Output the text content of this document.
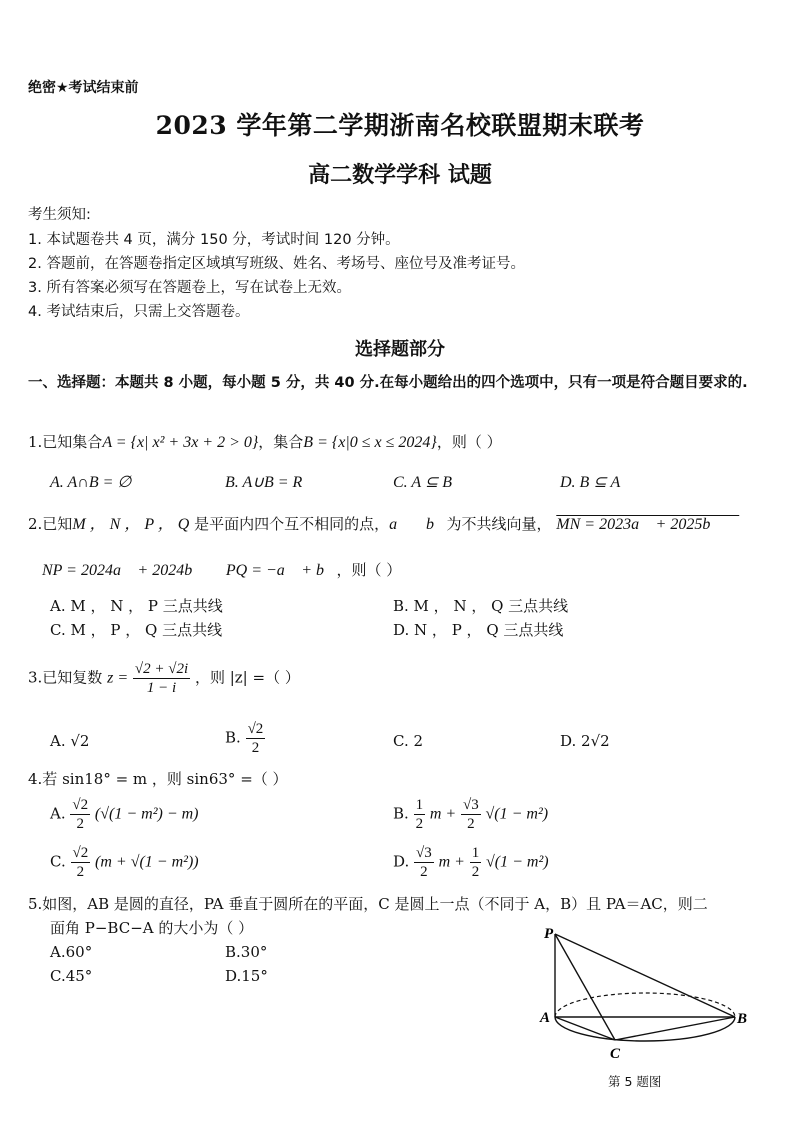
绝密★考试结束前
2023 学年第二学期浙南名校联盟期末联考
高二数学学科 试题
考生须知:
1. 本试题卷共 4 页，满分 150 分，考试时间 120 分钟。
2. 答题前，在答题卷指定区域填写班级、姓名、考场号、座位号及准考证号。
3. 所有答案必须写在答题卷上，写在试卷上无效。
4. 考试结束后，只需上交答题卷。
选择题部分
一、选择题：本题共 8 小题，每小题 5 分，共 40 分.在每小题给出的四个选项中，只有一项是符合题目要求的.
1.已知集合A = {x| x² + 3x + 2 > 0}，集合B = {x|0 ≤ x ≤ 2024}，则（ ）
A. A∩B = ∅	B. A∪B = R	C. A ⊆ B	D. B ⊆ A
2.已知M ， N ， P ， Q 是平面内四个互不相同的点，a⃗， b⃗为不共线向量， MN = 2023a⃗ + 2025b⃗ ，
NP = 2024a⃗ + 2024b⃗ ， PQ = −a⃗ + b⃗，则（ ）
A. M ， N ， P 三点共线	B. M ， N ， Q 三点共线
C. M ， P ， Q 三点共线	D. N ， P ， Q 三点共线
3.已知复数 $z = \frac{√2 + √2i}{1 - i}$ ，则 |z| =（ ）
A. √2	B. $\frac{√2}{2}$	C. 2	D. 2√2
4.若 sin18° = m ，则 sin63° =（ ）
A. $\frac{√2}{2} (√(1 - m^2) - m)$	B. $\frac{1}{2}$ $m + \frac{√3}{2} √(1 - m^2)$
C. $\frac{√2}{2} (m + √(1 - m^2))$	D. $\frac{√3}{2}$ $m + \frac{1}{2} √(1 - m^2)$
5.如图，AB 是圆的直径，PA 垂直于圆所在的平面，C 是圆上一点（不同于 A，B）且 PA＝AC，则二
面角 P−BC−A 的大小为（ ）
A.60°	B.30°
C.45°	D.15°
P
A	B
C
第 5 题图
